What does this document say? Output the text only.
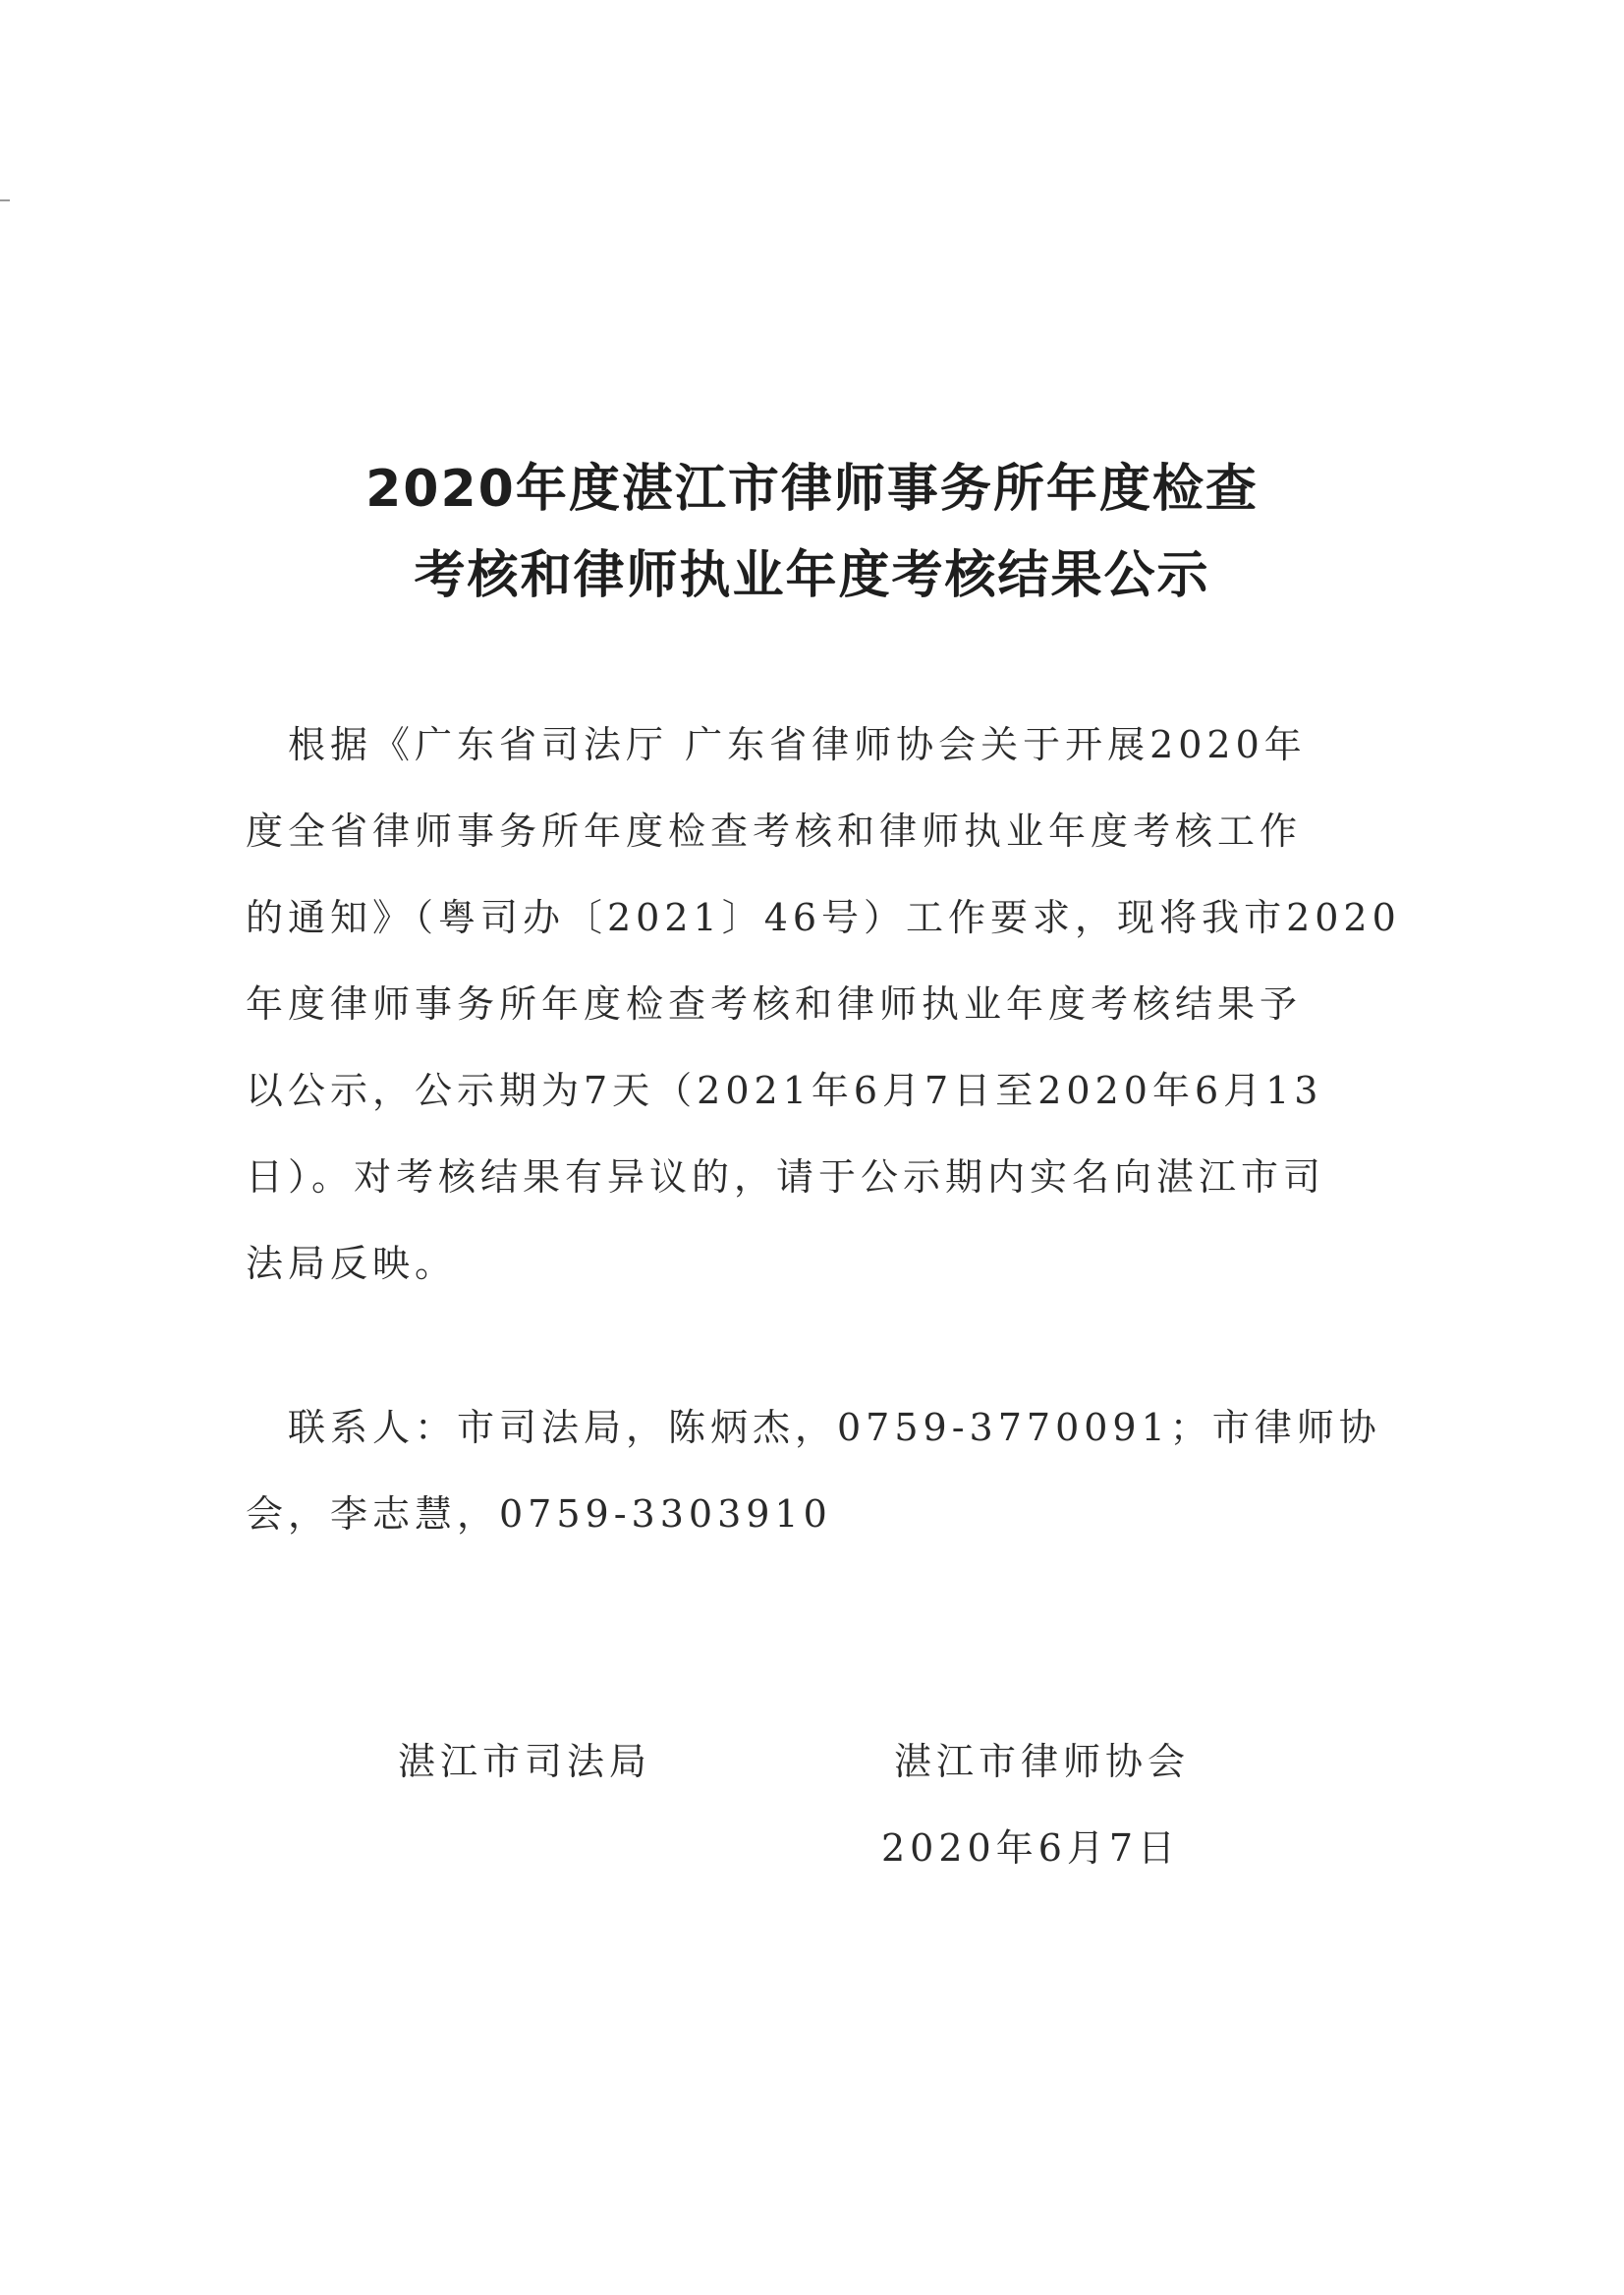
2020年度湛江市律师事务所年度检查
考核和律师执业年度考核结果公示
　根据《广东省司法厅 广东省律师协会关于开展2020年
度全省律师事务所年度检查考核和律师执业年度考核工作
的通知》（粤司办〔2021〕46号）工作要求，现将我市2020
年度律师事务所年度检查考核和律师执业年度考核结果予
以公示，公示期为7天（2021年6月7日至2020年6月13
日）。对考核结果有异议的，请于公示期内实名向湛江市司
法局反映。
　联系人：市司法局，陈炳杰，0759-3770091；市律师协
会，李志慧，0759-3303910
湛江市司法局	湛江市律师协会
2020年6月7日
